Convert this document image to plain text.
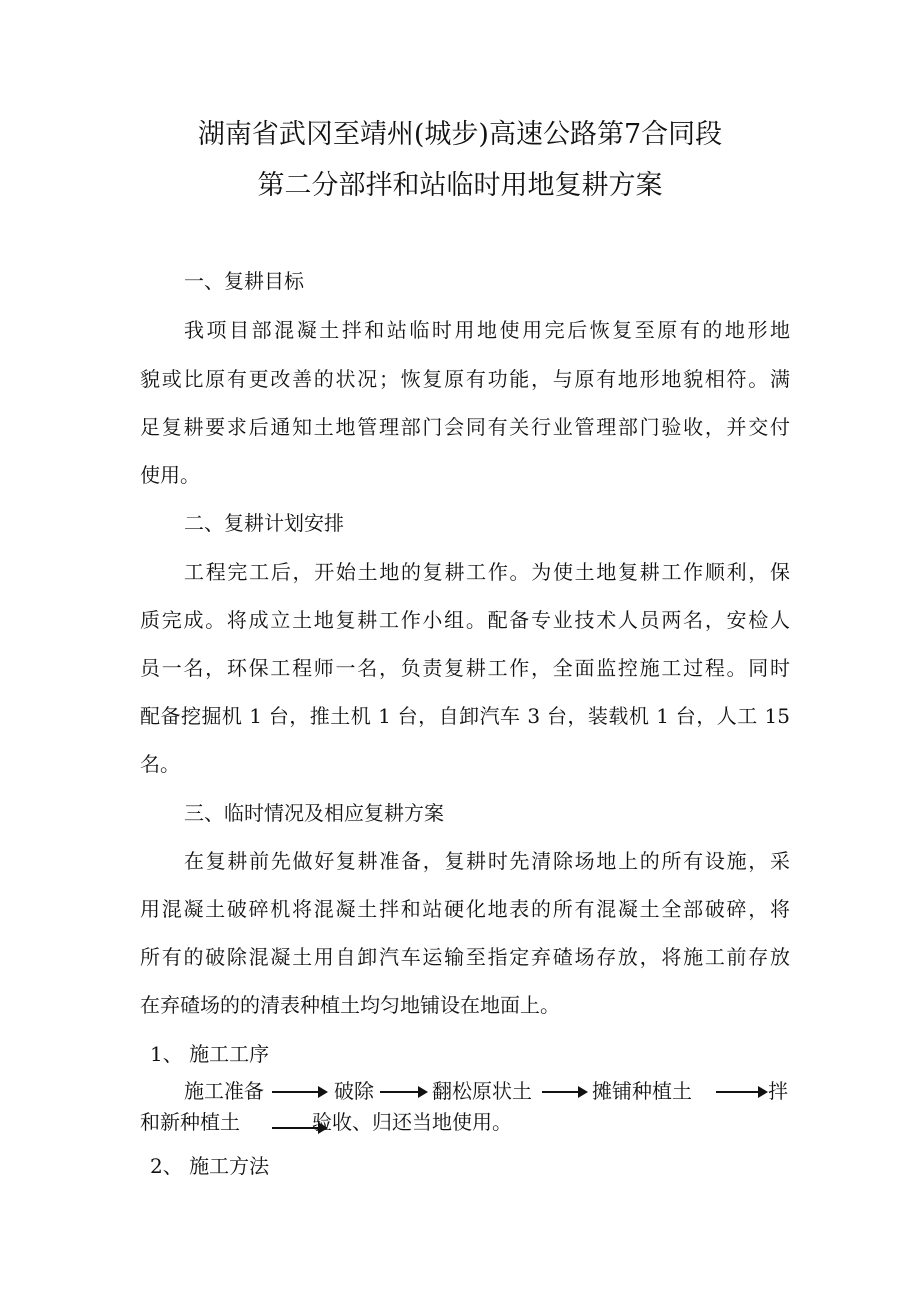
湖南省武冈至靖州(城步)高速公路第7合同段
第二分部拌和站临时用地复耕方案

一、复耕目标

我项目部混凝土拌和站临时用地使用完后恢复至原有的地形地

貌或比原有更改善的状况；恢复原有功能，与原有地形地貌相符。满

足复耕要求后通知土地管理部门会同有关行业管理部门验收，并交付

使用。

二、复耕计划安排

工程完工后，开始土地的复耕工作。为使土地复耕工作顺利，保

质完成。将成立土地复耕工作小组。配备专业技术人员两名，安检人

员一名，环保工程师一名，负责复耕工作，全面监控施工过程。同时

配备挖掘机 1 台，推土机 1 台，自卸汽车 3 台，装载机 1 台，人工 15

名。

三、临时情况及相应复耕方案

在复耕前先做好复耕准备，复耕时先清除场地上的所有设施，采

用混凝土破碎机将混凝土拌和站硬化地表的所有混凝土全部破碎，将

所有的破除混凝土用自卸汽车运输至指定弃碴场存放，将施工前存放

在弃碴场的的清表种植土均匀地铺设在地面上。

1、 施工工序

施工准备	破除	翻松原状土	摊铺种植土	拌
和新种植土	验收、归还当地使用。

2、 施工方法
